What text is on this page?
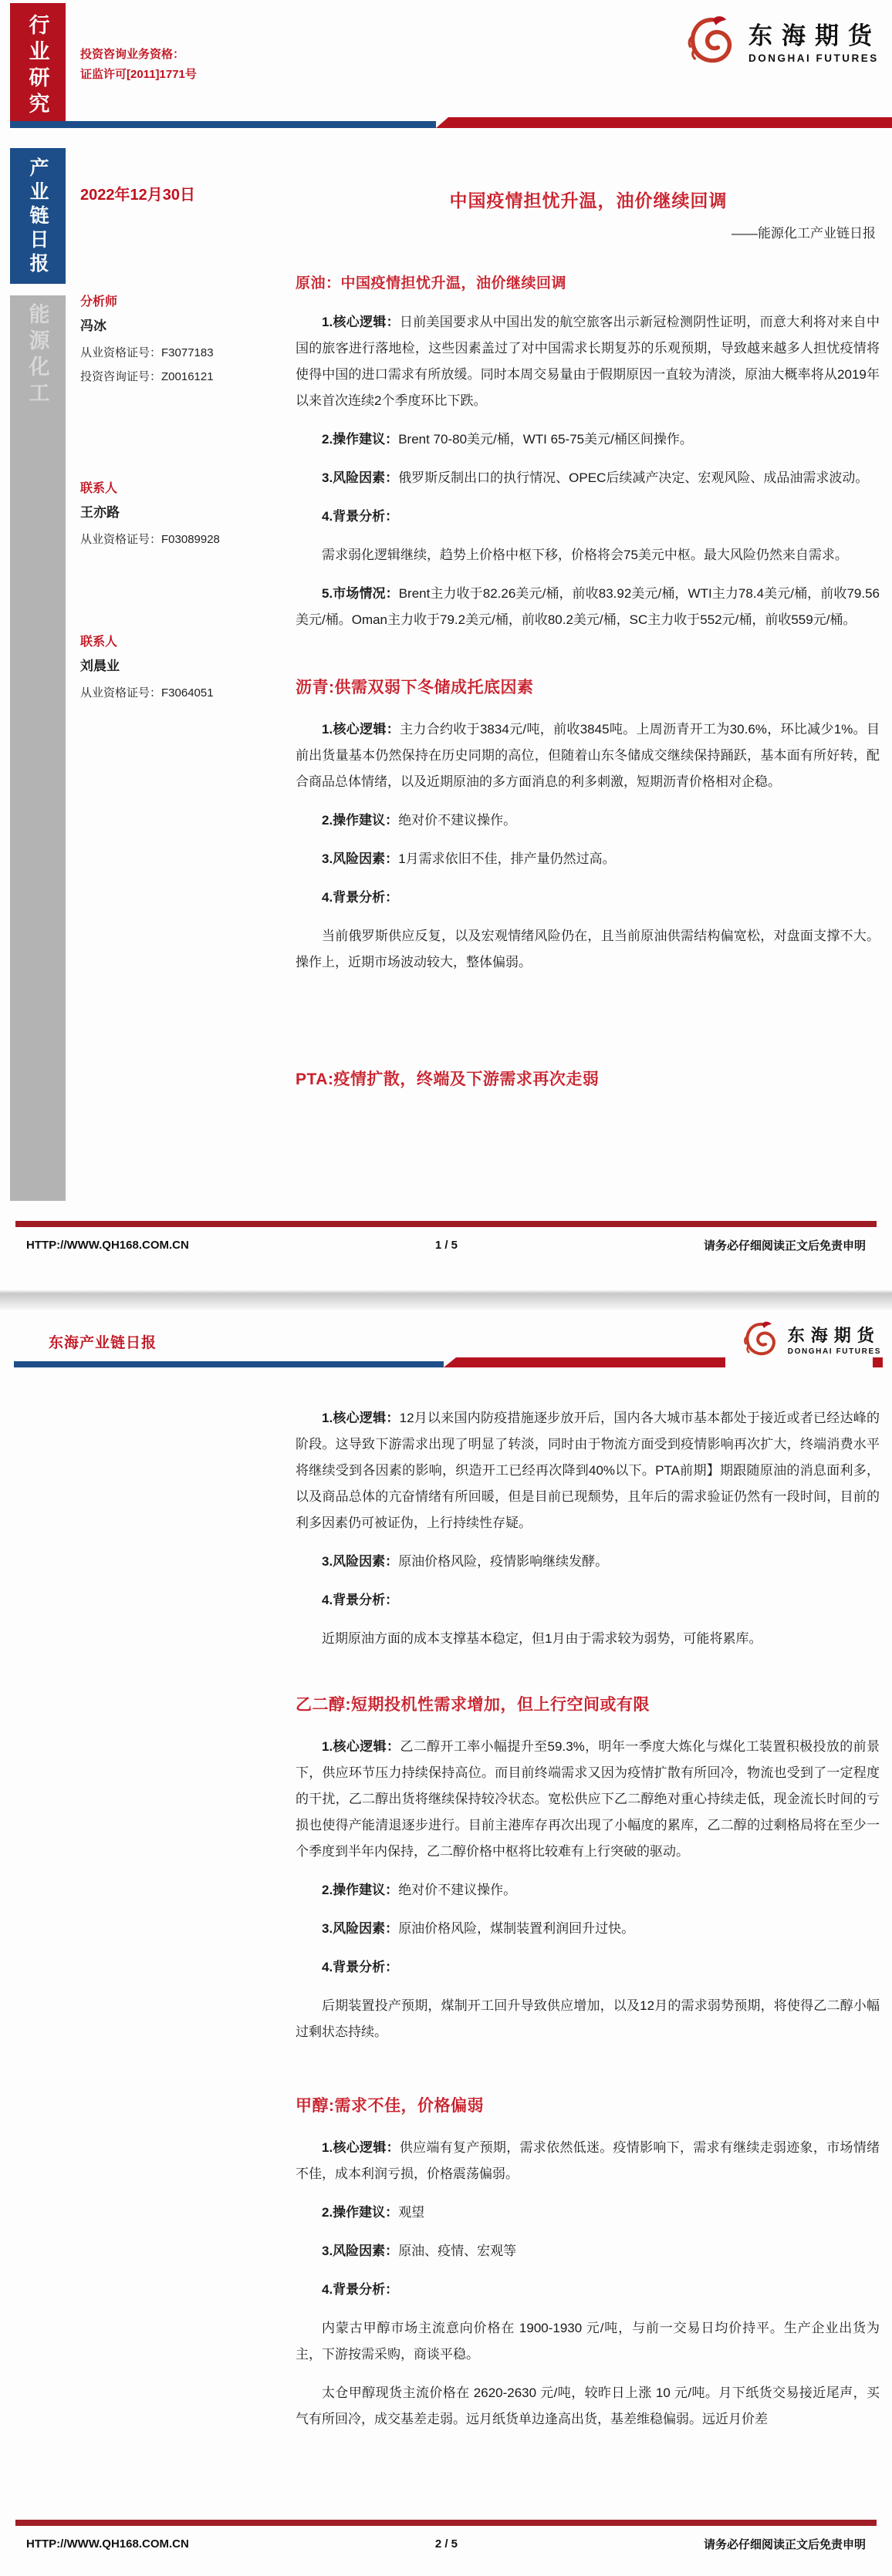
行业研究	投资咨询业务资格：
证监许可[2011]1771号
东海期货
DONGHAI FUTURES
产业链日报
能源化工
2022年12月30日	中国疫情担忧升温，油价继续回调
——能源化工产业链日报
分析师
冯冰
从业资格证号：F3077183
投资咨询证号：Z0016121
联系人
王亦路
从业资格证号：F03089928
联系人
刘晨业
从业资格证号：F3064051
原油：中国疫情担忧升温，油价继续回调

1.核心逻辑：日前美国要求从中国出发的航空旅客出示新冠检测阴性证明，而意大利将对来自中国的旅客进行落地检，这些因素盖过了对中国需求长期复苏的乐观预期，导致越来越多人担忧疫情将使得中国的进口需求有所放缓。同时本周交易量由于假期原因一直较为清淡，原油大概率将从2019年以来首次连续2个季度环比下跌。

2.操作建议：Brent 70-80美元/桶，WTI 65-75美元/桶区间操作。

3.风险因素：俄罗斯反制出口的执行情况、OPEC后续减产决定、宏观风险、成品油需求波动。

4.背景分析：

需求弱化逻辑继续，趋势上价格中枢下移，价格将会75美元中枢。最大风险仍然来自需求。

5.市场情况：Brent主力收于82.26美元/桶，前收83.92美元/桶，WTI主力78.4美元/桶，前收79.56美元/桶。Oman主力收于79.2美元/桶，前收80.2美元/桶，SC主力收于552元/桶，前收559元/桶。

沥青:供需双弱下冬储成托底因素

1.核心逻辑：主力合约收于3834元/吨，前收3845吨。上周沥青开工为30.6%，环比减少1%。目前出货量基本仍然保持在历史同期的高位，但随着山东冬储成交继续保持踊跃，基本面有所好转，配合商品总体情绪，以及近期原油的多方面消息的利多刺激，短期沥青价格相对企稳。

2.操作建议：绝对价不建议操作。

3.风险因素：1月需求依旧不佳，排产量仍然过高。

4.背景分析：

当前俄罗斯供应反复，以及宏观情绪风险仍在，且当前原油供需结构偏宽松，对盘面支撑不大。操作上，近期市场波动较大，整体偏弱。

PTA:疫情扩散，终端及下游需求再次走弱
HTTP://WWW.QH168.COM.CN	1 / 5	请务必仔细阅读正文后免责申明
东海产业链日报	东海期货
DONGHAI FUTURES

1.核心逻辑：12月以来国内防疫措施逐步放开后，国内各大城市基本都处于接近或者已经达峰的阶段。这导致下游需求出现了明显了转淡，同时由于物流方面受到疫情影响再次扩大，终端消费水平将继续受到各因素的影响，织造开工已经再次降到40%以下。PTA前期】期跟随原油的消息面利多，以及商品总体的亢奋情绪有所回暖，但是目前已现颓势，且年后的需求验证仍然有一段时间，目前的利多因素仍可被证伪，上行持续性存疑。

3.风险因素：原油价格风险，疫情影响继续发酵。

4.背景分析：

近期原油方面的成本支撑基本稳定，但1月由于需求较为弱势，可能将累库。

乙二醇:短期投机性需求增加，但上行空间或有限

1.核心逻辑：乙二醇开工率小幅提升至59.3%，明年一季度大炼化与煤化工装置积极投放的前景下，供应环节压力持续保持高位。而目前终端需求又因为疫情扩散有所回冷，物流也受到了一定程度的干扰，乙二醇出货将继续保持较冷状态。宽松供应下乙二醇绝对重心持续走低，现金流长时间的亏损也使得产能清退逐步进行。目前主港库存再次出现了小幅度的累库，乙二醇的过剩格局将在至少一个季度到半年内保持，乙二醇价格中枢将比较难有上行突破的驱动。

2.操作建议：绝对价不建议操作。

3.风险因素：原油价格风险，煤制装置利润回升过快。

4.背景分析：

后期装置投产预期，煤制开工回升导致供应增加，以及12月的需求弱势预期，将使得乙二醇小幅过剩状态持续。

甲醇:需求不佳，价格偏弱

1.核心逻辑：供应端有复产预期，需求依然低迷。疫情影响下，需求有继续走弱迹象，市场情绪不佳，成本利润亏损，价格震荡偏弱。

2.操作建议：观望

3.风险因素：原油、疫情、宏观等

4.背景分析：

内蒙古甲醇市场主流意向价格在 1900-1930 元/吨，与前一交易日均价持平。生产企业出货为主，下游按需采购，商谈平稳。

太仓甲醇现货主流价格在 2620-2630 元/吨，较昨日上涨 10 元/吨。月下纸货交易接近尾声，买气有所回冷，成交基差走弱。远月纸货单边逢高出货，基差维稳偏弱。远近月价差

HTTP://WWW.QH168.COM.CN	2 / 5	请务必仔细阅读正文后免责申明
